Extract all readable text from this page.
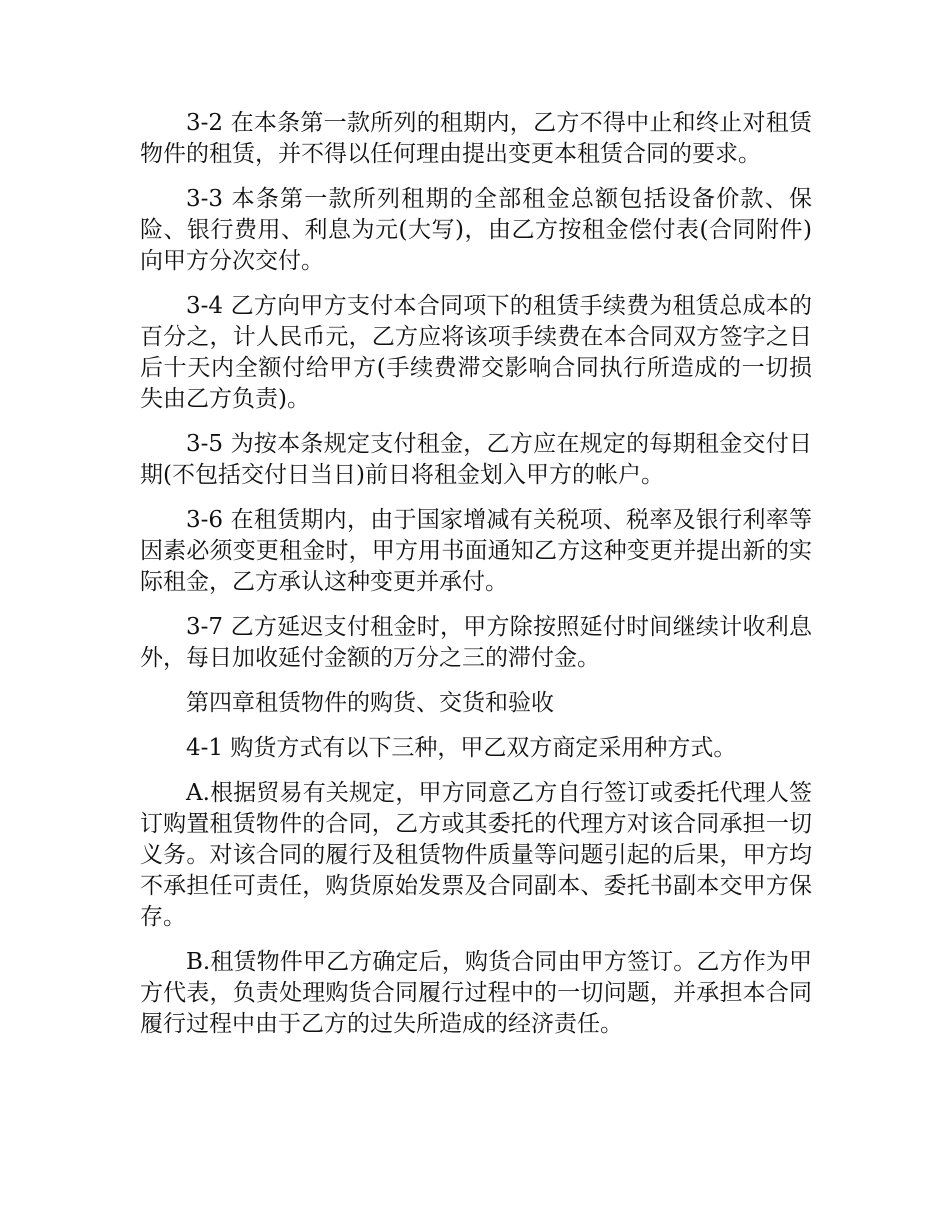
3-2 在本条第一款所列的租期内，乙方不得中止和终止对租赁物件的租赁，并不得以任何理由提出变更本租赁合同的要求。

3-3 本条第一款所列租期的全部租金总额包括设备价款、保险、银行费用、利息为元(大写)，由乙方按租金偿付表(合同附件)向甲方分次交付。

3-4 乙方向甲方支付本合同项下的租赁手续费为租赁总成本的百分之，计人民币元，乙方应将该项手续费在本合同双方签字之日后十天内全额付给甲方(手续费滞交影响合同执行所造成的一切损失由乙方负责)。

3-5 为按本条规定支付租金，乙方应在规定的每期租金交付日期(不包括交付日当日)前日将租金划入甲方的帐户。

3-6 在租赁期内，由于国家增减有关税项、税率及银行利率等因素必须变更租金时，甲方用书面通知乙方这种变更并提出新的实际租金，乙方承认这种变更并承付。

3-7 乙方延迟支付租金时，甲方除按照延付时间继续计收利息外，每日加收延付金额的万分之三的滞付金。

第四章租赁物件的购货、交货和验收

4-1 购货方式有以下三种，甲乙双方商定采用种方式。

A.根据贸易有关规定，甲方同意乙方自行签订或委托代理人签订购置租赁物件的合同，乙方或其委托的代理方对该合同承担一切义务。对该合同的履行及租赁物件质量等问题引起的后果，甲方均不承担任可责任，购货原始发票及合同副本、委托书副本交甲方保存。

B.租赁物件甲乙方确定后，购货合同由甲方签订。乙方作为甲方代表，负责处理购货合同履行过程中的一切问题，并承担本合同履行过程中由于乙方的过失所造成的经济责任。
